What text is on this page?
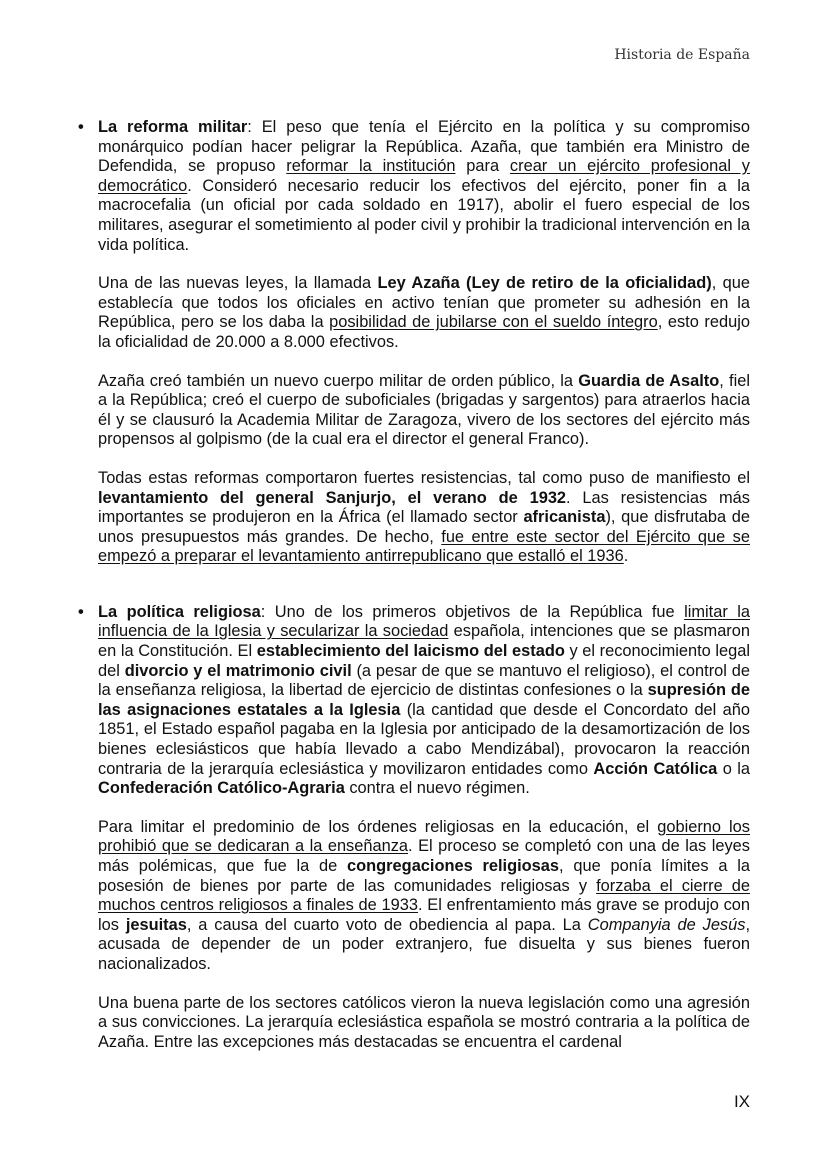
Historia de España
• La reforma militar: El peso que tenía el Ejército en la política y su compromiso monárquico podían hacer peligrar la República. Azaña, que también era Ministro de Defendida, se propuso reformar la institución para crear un ejército profesional y democrático. Consideró necesario reducir los efectivos del ejército, poner fin a la macrocefalia (un oficial por cada soldado en 1917), abolir el fuero especial de los militares, asegurar el sometimiento al poder civil y prohibir la tradicional intervención en la vida política.

Una de las nuevas leyes, la llamada Ley Azaña (Ley de retiro de la oficialidad), que establecía que todos los oficiales en activo tenían que prometer su adhesión en la República, pero se los daba la posibilidad de jubilarse con el sueldo íntegro, esto redujo la oficialidad de 20.000 a 8.000 efectivos.

Azaña creó también un nuevo cuerpo militar de orden público, la Guardia de Asalto, fiel a la República; creó el cuerpo de suboficiales (brigadas y sargentos) para atraerlos hacia él y se clausuró la Academia Militar de Zaragoza, vivero de los sectores del ejército más propensos al golpismo (de la cual era el director el general Franco).

Todas estas reformas comportaron fuertes resistencias, tal como puso de manifiesto el levantamiento del general Sanjurjo, el verano de 1932. Las resistencias más importantes se produjeron en la África (el llamado sector africanista), que disfrutaba de unos presupuestos más grandes. De hecho, fue entre este sector del Ejército que se empezó a preparar el levantamiento antirrepublicano que estalló el 1936.

• La política religiosa: Uno de los primeros objetivos de la República fue limitar la influencia de la Iglesia y secularizar la sociedad española, intenciones que se plasmaron en la Constitución. El establecimiento del laicismo del estado y el reconocimiento legal del divorcio y el matrimonio civil (a pesar de que se mantuvo el religioso), el control de la enseñanza religiosa, la libertad de ejercicio de distintas confesiones o la supresión de las asignaciones estatales a la Iglesia (la cantidad que desde el Concordato del año 1851, el Estado español pagaba en la Iglesia por anticipado de la desamortización de los bienes eclesiásticos que había llevado a cabo Mendizábal), provocaron la reacción contraria de la jerarquía eclesiástica y movilizaron entidades como Acción Católica o la Confederación Católico-Agraria contra el nuevo régimen.

Para limitar el predominio de los órdenes religiosas en la educación, el gobierno los prohibió que se dedicaran a la enseñanza. El proceso se completó con una de las leyes más polémicas, que fue la de congregaciones religiosas, que ponía límites a la posesión de bienes por parte de las comunidades religiosas y forzaba el cierre de muchos centros religiosos a finales de 1933. El enfrentamiento más grave se produjo con los jesuitas, a causa del cuarto voto de obediencia al papa. La Companyia de Jesús, acusada de depender de un poder extranjero, fue disuelta y sus bienes fueron nacionalizados.

Una buena parte de los sectores católicos vieron la nueva legislación como una agresión a sus convicciones. La jerarquía eclesiástica española se mostró contraria a la política de Azaña. Entre las excepciones más destacadas se encuentra el cardenal

IX
